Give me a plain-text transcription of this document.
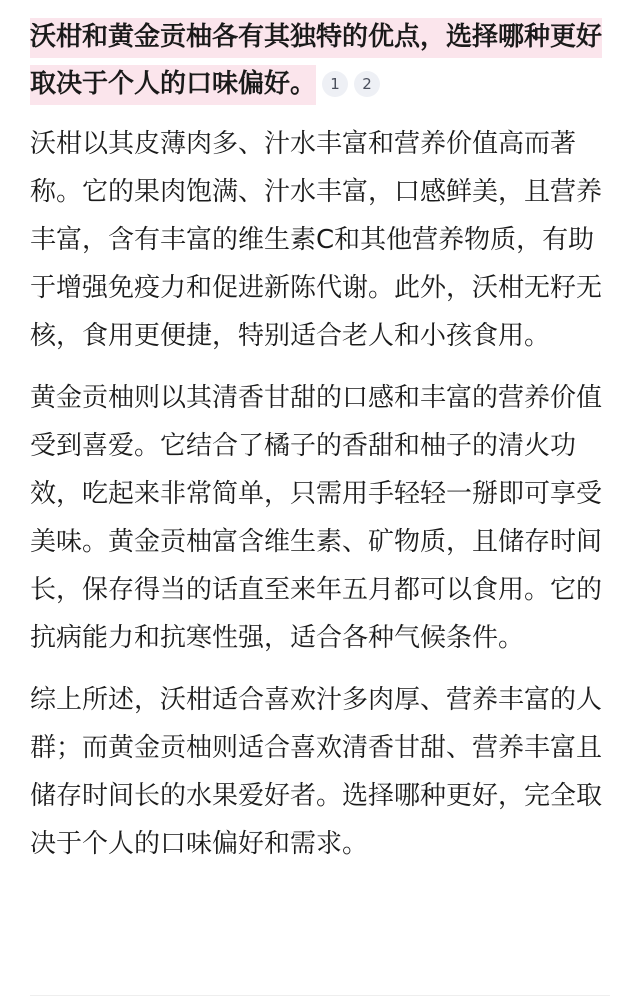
沃柑和黄金贡柚各有其独特的优点，选择哪种更好取决于个人的口味偏好。 1 2

沃柑以其皮薄肉多、汁水丰富和营养价值高而著称。它的果肉饱满、汁水丰富，口感鲜美，且营养丰富，含有丰富的维生素C和其他营养物质，有助于增强免疫力和促进新陈代谢。此外，沃柑无籽无核，食用更便捷，特别适合老人和小孩食用。

黄金贡柚则以其清香甘甜的口感和丰富的营养价值受到喜爱。它结合了橘子的香甜和柚子的清火功效，吃起来非常简单，只需用手轻轻一掰即可享受美味。黄金贡柚富含维生素、矿物质，且储存时间长，保存得当的话直至来年五月都可以食用。它的抗病能力和抗寒性强，适合各种气候条件。

综上所述，沃柑适合喜欢汁多肉厚、营养丰富的人群；而黄金贡柚则适合喜欢清香甘甜、营养丰富且储存时间长的水果爱好者。选择哪种更好，完全取决于个人的口味偏好和需求。
